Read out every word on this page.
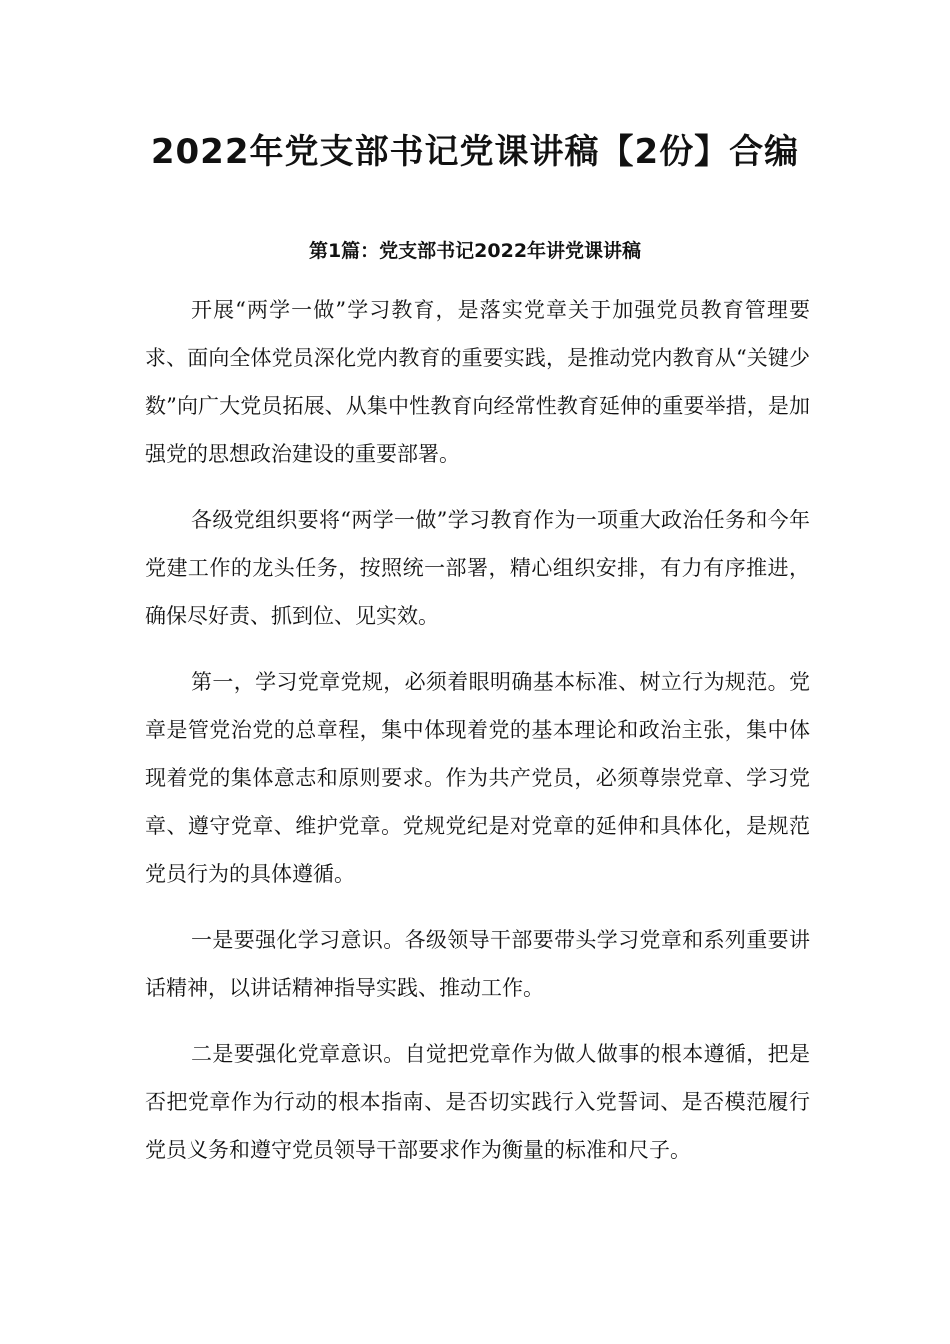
2022年党支部书记党课讲稿【2份】合编
第1篇：党支部书记2022年讲党课讲稿

开展“两学一做”学习教育，是落实党章关于加强党员教育管理要求、面向全体党员深化党内教育的重要实践，是推动党内教育从“关键少数”向广大党员拓展、从集中性教育向经常性教育延伸的重要举措，是加强党的思想政治建设的重要部署。

各级党组织要将“两学一做”学习教育作为一项重大政治任务和今年党建工作的龙头任务，按照统一部署，精心组织安排，有力有序推进，确保尽好责、抓到位、见实效。

第一，学习党章党规，必须着眼明确基本标准、树立行为规范。党章是管党治党的总章程，集中体现着党的基本理论和政治主张，集中体现着党的集体意志和原则要求。作为共产党员，必须尊崇党章、学习党章、遵守党章、维护党章。党规党纪是对党章的延伸和具体化，是规范党员行为的具体遵循。

一是要强化学习意识。各级领导干部要带头学习党章和系列重要讲话精神，以讲话精神指导实践、推动工作。

二是要强化党章意识。自觉把党章作为做人做事的根本遵循，把是否把党章作为行动的根本指南、是否切实践行入党誓词、是否模范履行党员义务和遵守党员领导干部要求作为衡量的标准和尺子。
